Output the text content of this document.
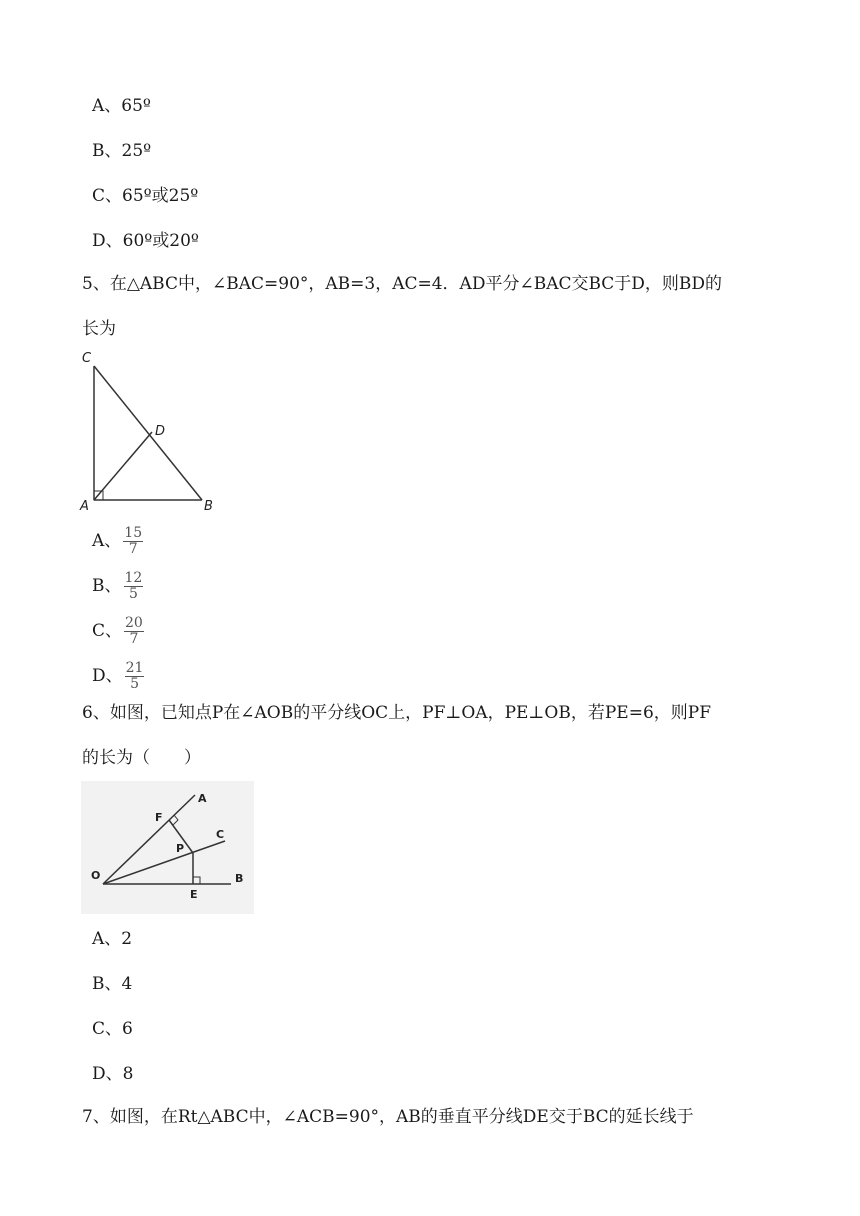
A、65º
B、25º
C、65º或25º
D、60º或20º
5、在△ABC中，∠BAC=90°，AB=3，AC=4．AD平分∠BAC交BC于D，则BD的
长为
C
D
A	B
A、 $\frac{15}{7}$
B、 $\frac{12}{5}$
C、 $\frac{20}{7}$
D、 $\frac{21}{5}$
6、如图，已知点P在∠AOB的平分线OC上，PF⊥OA，PE⊥OB，若PE=6，则PF
的长为（　　）
A
F
C
P
O
E
B
A、2
B、4
C、6
D、8
7、如图，在Rt△ABC中，∠ACB=90°，AB的垂直平分线DE交于BC的延长线于
